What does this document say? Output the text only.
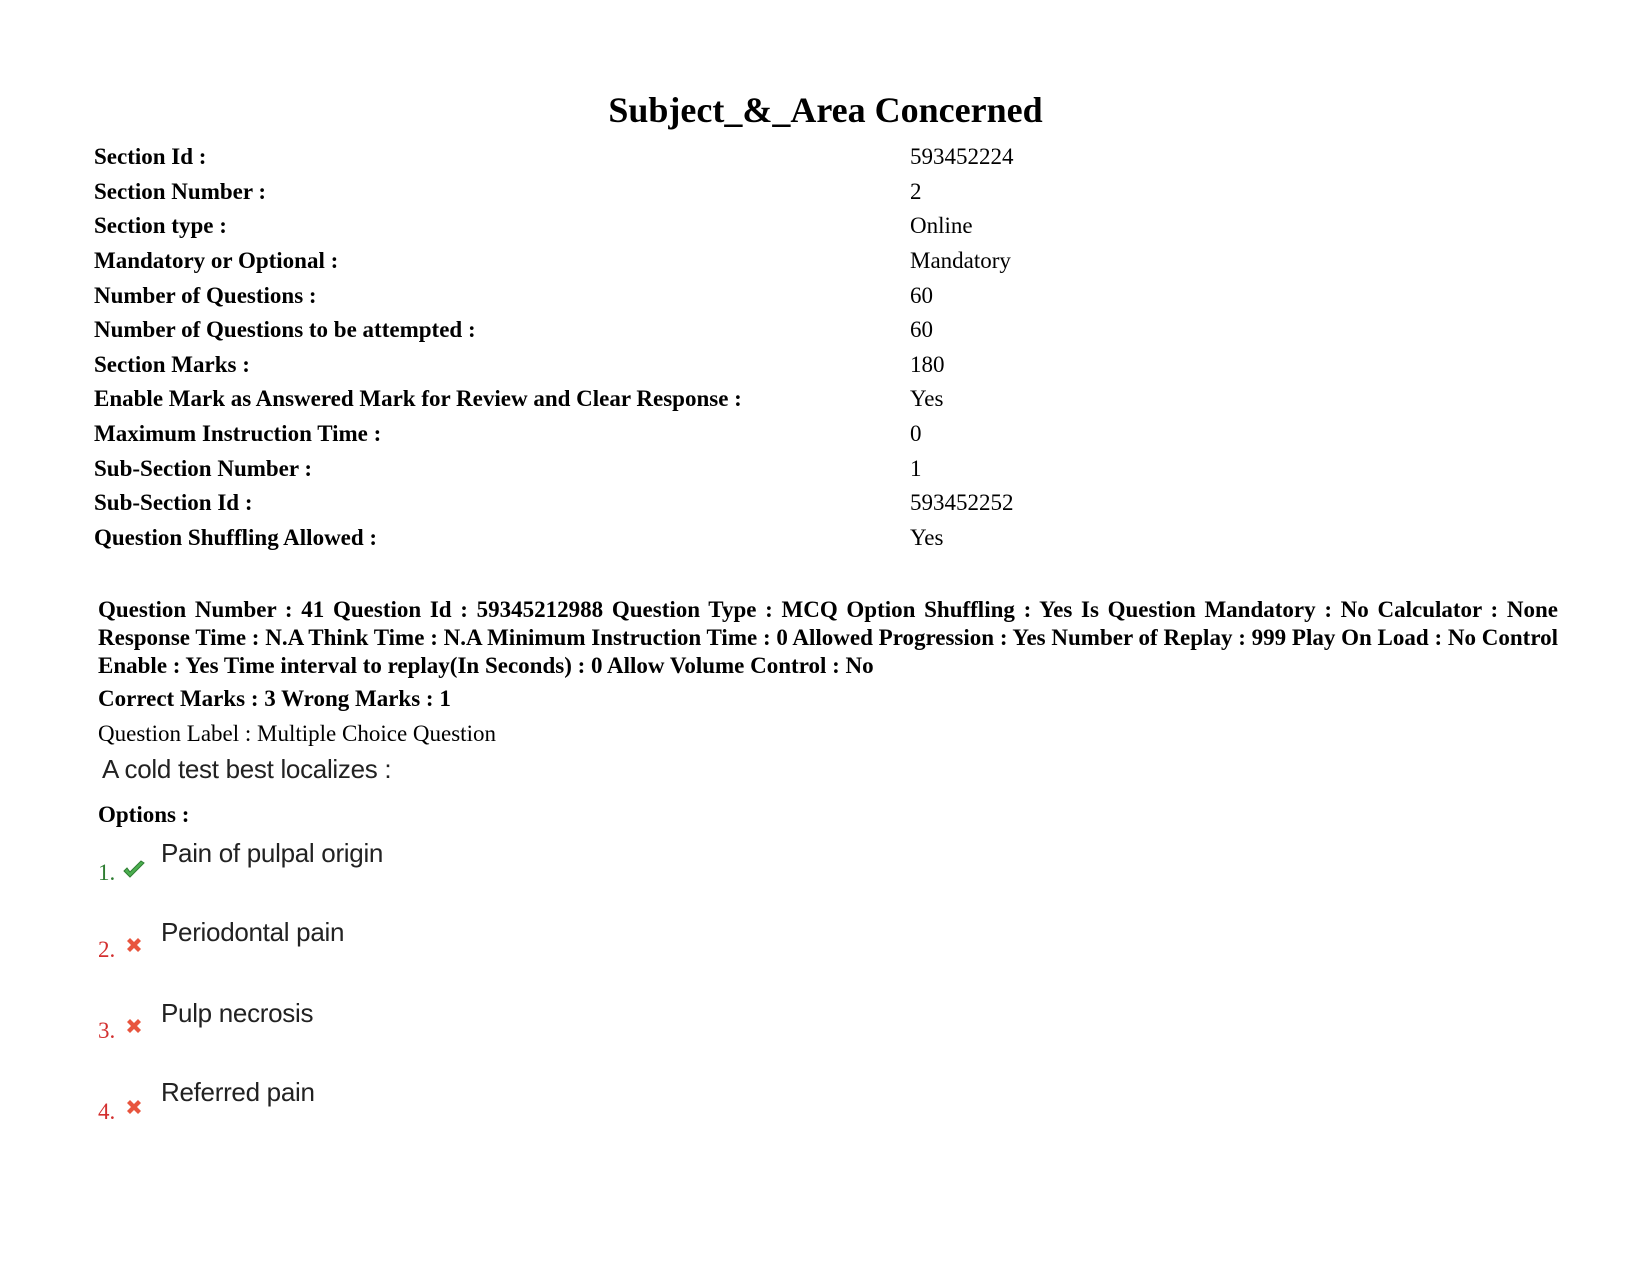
Subject_&_Area Concerned
Section Id :	593452224
Section Number :	2
Section type :	Online
Mandatory or Optional :	Mandatory
Number of Questions :	60
Number of Questions to be attempted :	60
Section Marks :	180
Enable Mark as Answered Mark for Review and Clear Response :	Yes
Maximum Instruction Time :	0
Sub-Section Number :	1
Sub-Section Id :	593452252
Question Shuffling Allowed :	Yes
Question Number : 41 Question Id : 59345212988 Question Type : MCQ Option Shuffling : Yes Is Question Mandatory : No Calculator : None Response Time : N.A Think Time : N.A Minimum Instruction Time : 0 Allowed Progression : Yes Number of Replay : 999 Play On Load : No Control Enable : Yes Time interval to replay(In Seconds) : 0 Allow Volume Control : No
Correct Marks : 3 Wrong Marks : 1
Question Label : Multiple Choice Question
A cold test best localizes :
Options :
1.
Pain of pulpal origin
2.
Periodontal pain
3.
Pulp necrosis
4.
Referred pain
